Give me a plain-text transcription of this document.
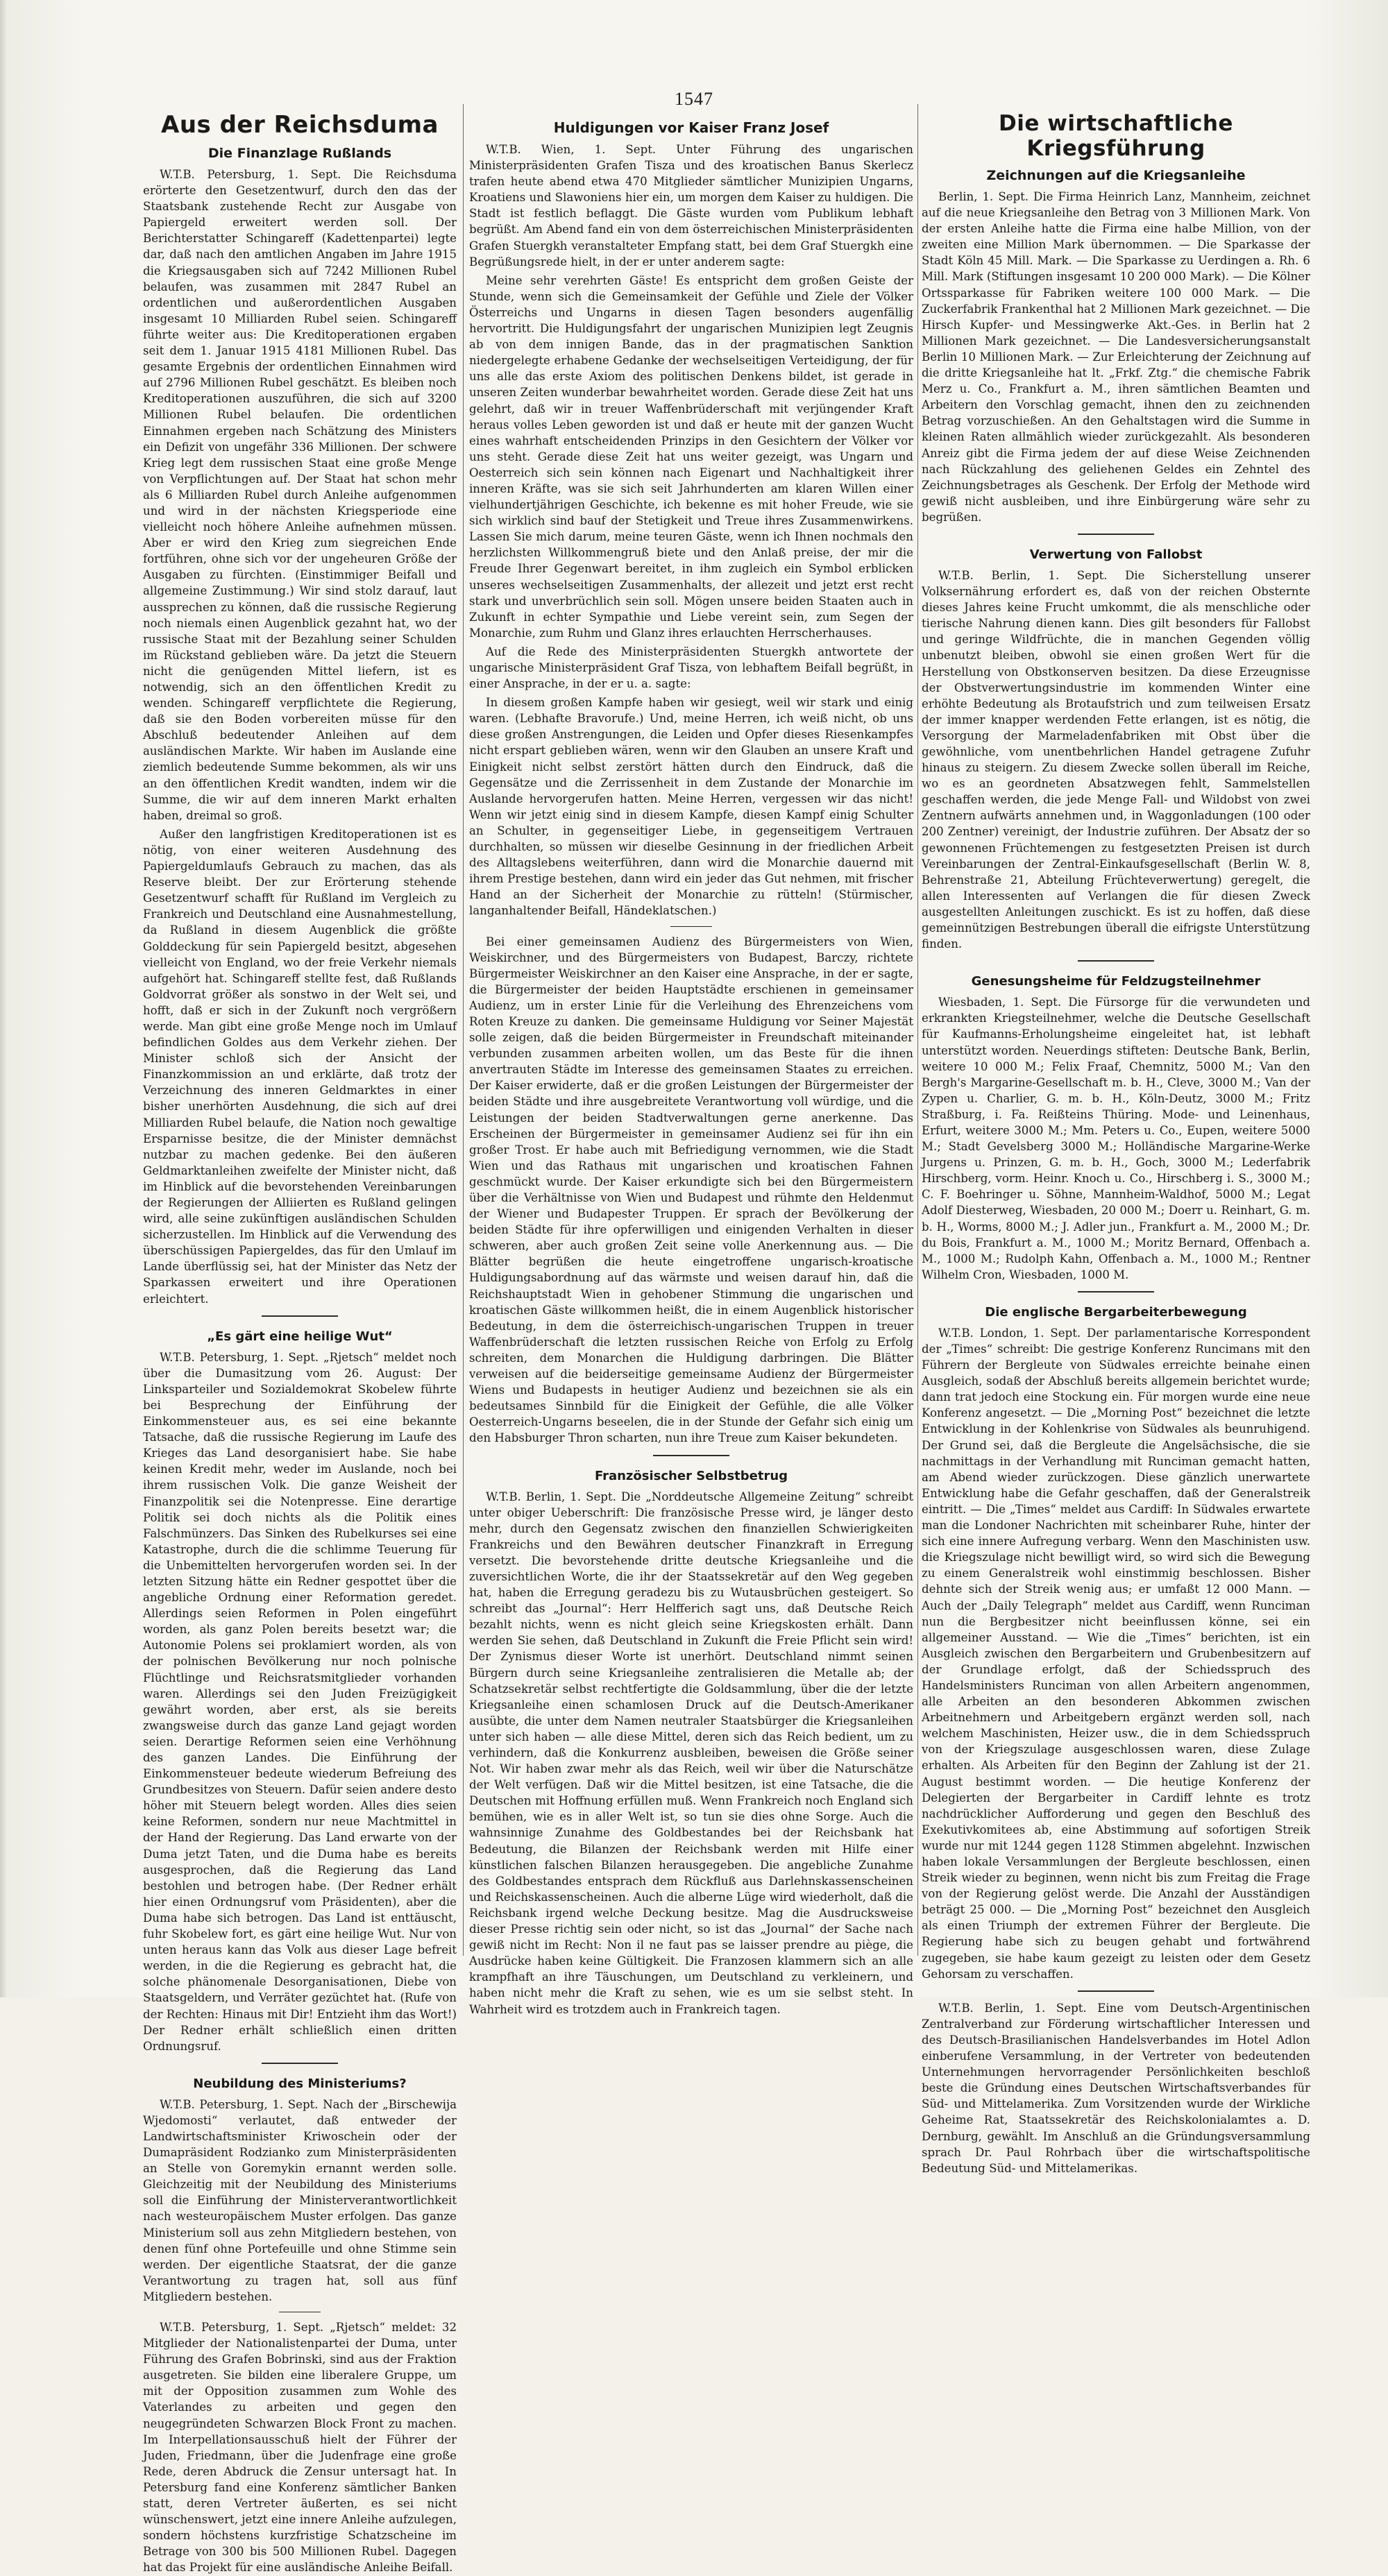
1547
Aus der Reichsduma
Die Finanzlage Rußlands

W.T.B. Petersburg, 1. Sept. Die Reichsduma erörterte den Gesetzentwurf, durch den das der Staatsbank zustehende Recht zur Ausgabe von Papiergeld erweitert werden soll. Der Berichterstatter Schingareff (Kadettenpartei) legte dar, daß nach den amtlichen Angaben im Jahre 1915 die Kriegsausgaben sich auf 7242 Millionen Rubel belaufen, was zusammen mit 2847 Rubel an ordentlichen und außerordentlichen Ausgaben insgesamt 10 Milliarden Rubel seien. Schingareff führte weiter aus: Die Kreditoperationen ergaben seit dem 1. Januar 1915 4181 Millionen Rubel. Das gesamte Ergebnis der ordentlichen Einnahmen wird auf 2796 Millionen Rubel geschätzt. Es bleiben noch Kreditoperationen auszuführen, die sich auf 3200 Millionen Rubel belaufen. Die ordentlichen Einnahmen ergeben nach Schätzung des Ministers ein Defizit von ungefähr 336 Millionen. Der schwere Krieg legt dem russischen Staat eine große Menge von Verpflichtungen auf. Der Staat hat schon mehr als 6 Milliarden Rubel durch Anleihe aufgenommen und wird in der nächsten Kriegsperiode eine vielleicht noch höhere Anleihe aufnehmen müssen. Aber er wird den Krieg zum siegreichen Ende fortführen, ohne sich vor der ungeheuren Größe der Ausgaben zu fürchten. (Einstimmiger Beifall und allgemeine Zustimmung.) Wir sind stolz darauf, laut aussprechen zu können, daß die russische Regierung noch niemals einen Augenblick gezahnt hat, wo der russische Staat mit der Bezahlung seiner Schulden im Rückstand geblieben wäre. Da jetzt die Steuern nicht die genügenden Mittel liefern, ist es notwendig, sich an den öffentlichen Kredit zu wenden. Schingareff verpflichtete die Regierung, daß sie den Boden vorbereiten müsse für den Abschluß bedeutender Anleihen auf dem ausländischen Markte. Wir haben im Auslande eine ziemlich bedeutende Summe bekommen, als wir uns an den öffentlichen Kredit wandten, indem wir die Summe, die wir auf dem inneren Markt erhalten haben, dreimal so groß.

Außer den langfristigen Kreditoperationen ist es nötig, von einer weiteren Ausdehnung des Papiergeldumlaufs Gebrauch zu machen, das als Reserve bleibt. Der zur Erörterung stehende Gesetzentwurf schafft für Rußland im Vergleich zu Frankreich und Deutschland eine Ausnahmestellung, da Rußland in diesem Augenblick die größte Golddeckung für sein Papiergeld besitzt, abgesehen vielleicht von England, wo der freie Verkehr niemals aufgehört hat. Schingareff stellte fest, daß Rußlands Goldvorrat größer als sonstwo in der Welt sei, und hofft, daß er sich in der Zukunft noch vergrößern werde. Man gibt eine große Menge noch im Umlauf befindlichen Goldes aus dem Verkehr ziehen. Der Minister schloß sich der Ansicht der Finanzkommission an und erklärte, daß trotz der Verzeichnung des inneren Geldmarktes in einer bisher unerhörten Ausdehnung, die sich auf drei Milliarden Rubel belaufe, die Nation noch gewaltige Ersparnisse besitze, die der Minister demnächst nutzbar zu machen gedenke. Bei den äußeren Geldmarktanleihen zweifelte der Minister nicht, daß im Hinblick auf die bevorstehenden Vereinbarungen der Regierungen der Alliierten es Rußland gelingen wird, alle seine zukünftigen ausländischen Schulden sicherzustellen. Im Hinblick auf die Verwendung des überschüssigen Papiergeldes, das für den Umlauf im Lande überflüssig sei, hat der Minister das Netz der Sparkassen erweitert und ihre Operationen erleichtert.

„Es gärt eine heilige Wut“

W.T.B. Petersburg, 1. Sept. „Rjetsch“ meldet noch über die Dumasitzung vom 26. August: Der Linksparteiler und Sozialdemokrat Skobelew führte bei Besprechung der Einführung der Einkommensteuer aus, es sei eine bekannte Tatsache, daß die russische Regierung im Laufe des Krieges das Land desorganisiert habe. Sie habe keinen Kredit mehr, weder im Auslande, noch bei ihrem russischen Volk. Die ganze Weisheit der Finanzpolitik sei die Notenpresse. Eine derartige Politik sei doch nichts als die Politik eines Falschmünzers. Das Sinken des Rubelkurses sei eine Katastrophe, durch die die schlimme Teuerung für die Unbemittelten hervorgerufen worden sei. In der letzten Sitzung hätte ein Redner gespottet über die angebliche Ordnung einer Reformation geredet. Allerdings seien Reformen in Polen eingeführt worden, als ganz Polen bereits besetzt war; die Autonomie Polens sei proklamiert worden, als von der polnischen Bevölkerung nur noch polnische Flüchtlinge und Reichsratsmitglieder vorhanden waren. Allerdings sei den Juden Freizügigkeit gewährt worden, aber erst, als sie bereits zwangsweise durch das ganze Land gejagt worden seien. Derartige Reformen seien eine Verhöhnung des ganzen Landes. Die Einführung der Einkommensteuer bedeute wiederum Befreiung des Grundbesitzes von Steuern. Dafür seien andere desto höher mit Steuern belegt worden. Alles dies seien keine Reformen, sondern nur neue Machtmittel in der Hand der Regierung. Das Land erwarte von der Duma jetzt Taten, und die Duma habe es bereits ausgesprochen, daß die Regierung das Land bestohlen und betrogen habe. (Der Redner erhält hier einen Ordnungsruf vom Präsidenten), aber die Duma habe sich betrogen. Das Land ist enttäuscht, fuhr Skobelew fort, es gärt eine heilige Wut. Nur von unten heraus kann das Volk aus dieser Lage befreit werden, in die die Regierung es gebracht hat, die solche phänomenale Desorganisationen, Diebe von Staatsgeldern, und Verräter gezüchtet hat. (Rufe von der Rechten: Hinaus mit Dir! Entzieht ihm das Wort!) Der Redner erhält schließlich einen dritten Ordnungsruf.

Neubildung des Ministeriums?

W.T.B. Petersburg, 1. Sept. Nach der „Birschewija Wjedomosti“ verlautet, daß entweder der Landwirtschaftsminister Kriwoschein oder der Dumapräsident Rodzianko zum Ministerpräsidenten an Stelle von Goremykin ernannt werden solle. Gleichzeitig mit der Neubildung des Ministeriums soll die Einführung der Ministerverantwortlichkeit nach westeuropäischem Muster erfolgen. Das ganze Ministerium soll aus zehn Mitgliedern bestehen, von denen fünf ohne Portefeuille und ohne Stimme sein werden. Der eigentliche Staatsrat, der die ganze Verantwortung zu tragen hat, soll aus fünf Mitgliedern bestehen.

W.T.B. Petersburg, 1. Sept. „Rjetsch“ meldet: 32 Mitglieder der Nationalistenpartei der Duma, unter Führung des Grafen Bobrinski, sind aus der Fraktion ausgetreten. Sie bilden eine liberalere Gruppe, um mit der Opposition zusammen zum Wohle des Vaterlandes zu arbeiten und gegen den neugegründeten Schwarzen Block Front zu machen. Im Interpellationsausschuß hielt der Führer der Juden, Friedmann, über die Judenfrage eine große Rede, deren Abdruck die Zensur untersagt hat. In Petersburg fand eine Konferenz sämtlicher Banken statt, deren Vertreter äußerten, es sei nicht wünschenswert, jetzt eine innere Anleihe aufzulegen, sondern höchstens kurzfristige Schatzscheine im Betrage von 300 bis 500 Millionen Rubel. Dagegen hat das Projekt für eine ausländische Anleihe Beifall.

Huldigungen vor Kaiser Franz Josef

W.T.B. Wien, 1. Sept. Unter Führung des ungarischen Ministerpräsidenten Grafen Tisza und des kroatischen Banus Skerlecz trafen heute abend etwa 470 Mitglieder sämtlicher Munizipien Ungarns, Kroatiens und Slawoniens hier ein, um morgen dem Kaiser zu huldigen. Die Stadt ist festlich beflaggt. Die Gäste wurden vom Publikum lebhaft begrüßt. Am Abend fand ein von dem österreichischen Ministerpräsidenten Grafen Stuergkh veranstalteter Empfang statt, bei dem Graf Stuergkh eine Begrüßungsrede hielt, in der er unter anderem sagte:

Meine sehr verehrten Gäste! Es entspricht dem großen Geiste der Stunde, wenn sich die Gemeinsamkeit der Gefühle und Ziele der Völker Österreichs und Ungarns in diesen Tagen besonders augenfällig hervortritt. Die Huldigungsfahrt der ungarischen Munizipien legt Zeugnis ab von dem innigen Bande, das in der pragmatischen Sanktion niedergelegte erhabene Gedanke der wechselseitigen Verteidigung, der für uns alle das erste Axiom des politischen Denkens bildet, ist gerade in unseren Zeiten wunderbar bewahrheitet worden. Gerade diese Zeit hat uns gelehrt, daß wir in treuer Waffenbrüderschaft mit verjüngender Kraft heraus volles Leben geworden ist und daß er heute mit der ganzen Wucht eines wahrhaft entscheidenden Prinzips in den Gesichtern der Völker vor uns steht. Gerade diese Zeit hat uns weiter gezeigt, was Ungarn und Oesterreich sich sein können nach Eigenart und Nachhaltigkeit ihrer inneren Kräfte, was sie sich seit Jahrhunderten am klaren Willen einer vielhundertjährigen Geschichte, ich bekenne es mit hoher Freude, wie sie sich wirklich sind bauf der Stetigkeit und Treue ihres Zusammenwirkens. Lassen Sie mich darum, meine teuren Gäste, wenn ich Ihnen nochmals den herzlichsten Willkommengruß biete und den Anlaß preise, der mir die Freude Ihrer Gegenwart bereitet, in ihm zugleich ein Symbol erblicken unseres wechselseitigen Zusammenhalts, der allezeit und jetzt erst recht stark und unverbrüchlich sein soll. Mögen unsere beiden Staaten auch in Zukunft in echter Sympathie und Liebe vereint sein, zum Segen der Monarchie, zum Ruhm und Glanz ihres erlauchten Herrscherhauses.

Auf die Rede des Ministerpräsidenten Stuergkh antwortete der ungarische Ministerpräsident Graf Tisza, von lebhaftem Beifall begrüßt, in einer Ansprache, in der er u. a. sagte:

In diesem großen Kampfe haben wir gesiegt, weil wir stark und einig waren. (Lebhafte Bravorufe.) Und, meine Herren, ich weiß nicht, ob uns diese großen Anstrengungen, die Leiden und Opfer dieses Riesenkampfes nicht erspart geblieben wären, wenn wir den Glauben an unsere Kraft und Einigkeit nicht selbst zerstört hätten durch den Eindruck, daß die Gegensätze und die Zerrissenheit in dem Zustande der Monarchie im Auslande hervorgerufen hatten. Meine Herren, vergessen wir das nicht! Wenn wir jetzt einig sind in diesem Kampfe, diesen Kampf einig Schulter an Schulter, in gegenseitiger Liebe, in gegenseitigem Vertrauen durchhalten, so müssen wir dieselbe Gesinnung in der friedlichen Arbeit des Alltagslebens weiterführen, dann wird die Monarchie dauernd mit ihrem Prestige bestehen, dann wird ein jeder das Gut nehmen, mit frischer Hand an der Sicherheit der Monarchie zu rütteln! (Stürmischer, langanhaltender Beifall, Händeklatschen.)

Bei einer gemeinsamen Audienz des Bürgermeisters von Wien, Weiskirchner, und des Bürgermeisters von Budapest, Barczy, richtete Bürgermeister Weiskirchner an den Kaiser eine Ansprache, in der er sagte, die Bürgermeister der beiden Hauptstädte erschienen in gemeinsamer Audienz, um in erster Linie für die Verleihung des Ehrenzeichens vom Roten Kreuze zu danken. Die gemeinsame Huldigung vor Seiner Majestät solle zeigen, daß die beiden Bürgermeister in Freundschaft miteinander verbunden zusammen arbeiten wollen, um das Beste für die ihnen anvertrauten Städte im Interesse des gemeinsamen Staates zu erreichen. Der Kaiser erwiderte, daß er die großen Leistungen der Bürgermeister der beiden Städte und ihre ausgebreitete Verantwortung voll würdige, und die Leistungen der beiden Stadtverwaltungen gerne anerkenne. Das Erscheinen der Bürgermeister in gemeinsamer Audienz sei für ihn ein großer Trost. Er habe auch mit Befriedigung vernommen, wie die Stadt Wien und das Rathaus mit ungarischen und kroatischen Fahnen geschmückt wurde. Der Kaiser erkundigte sich bei den Bürgermeistern über die Verhältnisse von Wien und Budapest und rühmte den Heldenmut der Wiener und Budapester Truppen. Er sprach der Bevölkerung der beiden Städte für ihre opferwilligen und einigenden Verhalten in dieser schweren, aber auch großen Zeit seine volle Anerkennung aus. — Die Blätter begrüßen die heute eingetroffene ungarisch-kroatische Huldigungsabordnung auf das wärmste und weisen darauf hin, daß die Reichshauptstadt Wien in gehobener Stimmung die ungarischen und kroatischen Gäste willkommen heißt, die in einem Augenblick historischer Bedeutung, in dem die österreichisch-ungarischen Truppen in treuer Waffenbrüderschaft die letzten russischen Reiche von Erfolg zu Erfolg schreiten, dem Monarchen die Huldigung darbringen. Die Blätter verweisen auf die beiderseitige gemeinsame Audienz der Bürgermeister Wiens und Budapests in heutiger Audienz und bezeichnen sie als ein bedeutsames Sinnbild für die Einigkeit der Gefühle, die alle Völker Oesterreich-Ungarns beseelen, die in der Stunde der Gefahr sich einig um den Habsburger Thron scharten, nun ihre Treue zum Kaiser bekundeten.

Französischer Selbstbetrug

W.T.B. Berlin, 1. Sept. Die „Norddeutsche Allgemeine Zeitung“ schreibt unter obiger Ueberschrift: Die französische Presse wird, je länger desto mehr, durch den Gegensatz zwischen den finanziellen Schwierigkeiten Frankreichs und den Bewähren deutscher Finanzkraft in Erregung versetzt. Die bevorstehende dritte deutsche Kriegsanleihe und die zuversichtlichen Worte, die ihr der Staatssekretär auf den Weg gegeben hat, haben die Erregung geradezu bis zu Wutausbrüchen gesteigert. So schreibt das „Journal“: Herr Helfferich sagt uns, daß Deutsche Reich bezahlt nichts, wenn es nicht gleich seine Kriegskosten erhält. Dann werden Sie sehen, daß Deutschland in Zukunft die Freie Pflicht sein wird! Der Zynismus dieser Worte ist unerhört. Deutschland nimmt seinen Bürgern durch seine Kriegsanleihe zentralisieren die Metalle ab; der Schatzsekretär selbst rechtfertigte die Goldsammlung, über die der letzte Kriegsanleihe einen schamlosen Druck auf die Deutsch-Amerikaner ausübte, die unter dem Namen neutraler Staatsbürger die Kriegsanleihen unter sich haben — alle diese Mittel, deren sich das Reich bedient, um zu verhindern, daß die Konkurrenz ausbleiben, beweisen die Größe seiner Not. Wir haben zwar mehr als das Reich, weil wir über die Naturschätze der Welt verfügen. Daß wir die Mittel besitzen, ist eine Tatsache, die die Deutschen mit Hoffnung erfüllen muß. Wenn Frankreich noch England sich bemühen, wie es in aller Welt ist, so tun sie dies ohne Sorge. Auch die wahnsinnige Zunahme des Goldbestandes bei der Reichsbank hat Bedeutung, die Bilanzen der Reichsbank werden mit Hilfe einer künstlichen falschen Bilanzen herausgegeben. Die angebliche Zunahme des Goldbestandes entsprach dem Rückfluß aus Darlehnskassenscheinen und Reichskassenscheinen. Auch die alberne Lüge wird wiederholt, daß die Reichsbank irgend welche Deckung besitze. Mag die Ausdrucksweise dieser Presse richtig sein oder nicht, so ist das „Journal“ der Sache nach gewiß nicht im Recht: Non il ne faut pas se laisser prendre au piège, die Ausdrücke haben keine Gültigkeit. Die Franzosen klammern sich an alle krampfhaft an ihre Täuschungen, um Deutschland zu verkleinern, und haben nicht mehr die Kraft zu sehen, wie es um sie selbst steht. In Wahrheit wird es trotzdem auch in Frankreich tagen.

Die wirtschaftliche Kriegsführung
Zeichnungen auf die Kriegsanleihe

Berlin, 1. Sept. Die Firma Heinrich Lanz, Mannheim, zeichnet auf die neue Kriegsanleihe den Betrag von 3 Millionen Mark. Von der ersten Anleihe hatte die Firma eine halbe Million, von der zweiten eine Million Mark übernommen. — Die Sparkasse der Stadt Köln 45 Mill. Mark. — Die Sparkasse zu Uerdingen a. Rh. 6 Mill. Mark (Stiftungen insgesamt 10 200 000 Mark). — Die Kölner Ortssparkasse für Fabriken weitere 100 000 Mark. — Die Zuckerfabrik Frankenthal hat 2 Millionen Mark gezeichnet. — Die Hirsch Kupfer- und Messingwerke Akt.-Ges. in Berlin hat 2 Millionen Mark gezeichnet. — Die Landesversicherungsanstalt Berlin 10 Millionen Mark. — Zur Erleichterung der Zeichnung auf die dritte Kriegsanleihe hat lt. „Frkf. Ztg.“ die chemische Fabrik Merz u. Co., Frankfurt a. M., ihren sämtlichen Beamten und Arbeitern den Vorschlag gemacht, ihnen den zu zeichnenden Betrag vorzuschießen. An den Gehaltstagen wird die Summe in kleinen Raten allmählich wieder zurückgezahlt. Als besonderen Anreiz gibt die Firma jedem der auf diese Weise Zeichnenden nach Rückzahlung des geliehenen Geldes ein Zehntel des Zeichnungsbetrages als Geschenk. Der Erfolg der Methode wird gewiß nicht ausbleiben, und ihre Einbürgerung wäre sehr zu begrüßen.

Verwertung von Fallobst

W.T.B. Berlin, 1. Sept. Die Sicherstellung unserer Volksernährung erfordert es, daß von der reichen Obsternte dieses Jahres keine Frucht umkommt, die als menschliche oder tierische Nahrung dienen kann. Dies gilt besonders für Fallobst und geringe Wildfrüchte, die in manchen Gegenden völlig unbenutzt bleiben, obwohl sie einen großen Wert für die Herstellung von Obstkonserven besitzen. Da diese Erzeugnisse der Obstverwertungsindustrie im kommenden Winter eine erhöhte Bedeutung als Brotaufstrich und zum teilweisen Ersatz der immer knapper werdenden Fette erlangen, ist es nötig, die Versorgung der Marmeladenfabriken mit Obst über die gewöhnliche, vom unentbehrlichen Handel getragene Zufuhr hinaus zu steigern. Zu diesem Zwecke sollen überall im Reiche, wo es an geordneten Absatzwegen fehlt, Sammelstellen geschaffen werden, die jede Menge Fall- und Wildobst von zwei Zentnern aufwärts annehmen und, in Waggonladungen (100 oder 200 Zentner) vereinigt, der Industrie zuführen. Der Absatz der so gewonnenen Früchtemengen zu festgesetzten Preisen ist durch Vereinbarungen der Zentral-Einkaufsgesellschaft (Berlin W. 8, Behrenstraße 21, Abteilung Früchteverwertung) geregelt, die allen Interessenten auf Verlangen die für diesen Zweck ausgestellten Anleitungen zuschickt. Es ist zu hoffen, daß diese gemeinnützigen Bestrebungen überall die eifrigste Unterstützung finden.

Genesungsheime für Feldzugsteilnehmer

Wiesbaden, 1. Sept. Die Fürsorge für die verwundeten und erkrankten Kriegsteilnehmer, welche die Deutsche Gesellschaft für Kaufmanns-Erholungsheime eingeleitet hat, ist lebhaft unterstützt worden. Neuerdings stifteten: Deutsche Bank, Berlin, weitere 10 000 M.; Felix Fraaf, Chemnitz, 5000 M.; Van den Bergh's Margarine-Gesellschaft m. b. H., Cleve, 3000 M.; Van der Zypen u. Charlier, G. m. b. H., Köln-Deutz, 3000 M.; Fritz Straßburg, i. Fa. Reißteins Thüring. Mode- und Leinenhaus, Erfurt, weitere 3000 M.; Mm. Peters u. Co., Eupen, weitere 5000 M.; Stadt Gevelsberg 3000 M.; Holländische Margarine-Werke Jurgens u. Prinzen, G. m. b. H., Goch, 3000 M.; Lederfabrik Hirschberg, vorm. Heinr. Knoch u. Co., Hirschberg i. S., 3000 M.; C. F. Boehringer u. Söhne, Mannheim-Waldhof, 5000 M.; Legat Adolf Diesterweg, Wiesbaden, 20 000 M.; Doerr u. Reinhart, G. m. b. H., Worms, 8000 M.; J. Adler jun., Frankfurt a. M., 2000 M.; Dr. du Bois, Frankfurt a. M., 1000 M.; Moritz Bernard, Offenbach a. M., 1000 M.; Rudolph Kahn, Offenbach a. M., 1000 M.; Rentner Wilhelm Cron, Wiesbaden, 1000 M.

Die englische Bergarbeiterbewegung

W.T.B. London, 1. Sept. Der parlamentarische Korrespondent der „Times“ schreibt: Die gestrige Konferenz Runcimans mit den Führern der Bergleute von Südwales erreichte beinahe einen Ausgleich, sodaß der Abschluß bereits allgemein berichtet wurde; dann trat jedoch eine Stockung ein. Für morgen wurde eine neue Konferenz angesetzt. — Die „Morning Post“ bezeichnet die letzte Entwicklung in der Kohlenkrise von Südwales als beunruhigend. Der Grund sei, daß die Bergleute die Angelsächsische, die sie nachmittags in der Verhandlung mit Runciman gemacht hatten, am Abend wieder zurückzogen. Diese gänzlich unerwartete Entwicklung habe die Gefahr geschaffen, daß der Generalstreik eintritt. — Die „Times“ meldet aus Cardiff: In Südwales erwartete man die Londoner Nachrichten mit scheinbarer Ruhe, hinter der sich eine innere Aufregung verbarg. Wenn den Maschinisten usw. die Kriegszulage nicht bewilligt wird, so wird sich die Bewegung zu einem Generalstreik wohl einstimmig beschlossen. Bisher dehnte sich der Streik wenig aus; er umfaßt 12 000 Mann. — Auch der „Daily Telegraph“ meldet aus Cardiff, wenn Runciman nun die Bergbesitzer nicht beeinflussen könne, sei ein allgemeiner Ausstand. — Wie die „Times“ berichten, ist ein Ausgleich zwischen den Bergarbeitern und Grubenbesitzern auf der Grundlage erfolgt, daß der Schiedsspruch des Handelsministers Runciman von allen Arbeitern angenommen, alle Arbeiten an den besonderen Abkommen zwischen Arbeitnehmern und Arbeitgebern ergänzt werden soll, nach welchem Maschinisten, Heizer usw., die in dem Schiedsspruch von der Kriegszulage ausgeschlossen waren, diese Zulage erhalten. Als Arbeiten für den Beginn der Zahlung ist der 21. August bestimmt worden. — Die heutige Konferenz der Delegierten der Bergarbeiter in Cardiff lehnte es trotz nachdrücklicher Aufforderung und gegen den Beschluß des Exekutivkomitees ab, eine Abstimmung auf sofortigen Streik wurde nur mit 1244 gegen 1128 Stimmen abgelehnt. Inzwischen haben lokale Versammlungen der Bergleute beschlossen, einen Streik wieder zu beginnen, wenn nicht bis zum Freitag die Frage von der Regierung gelöst werde. Die Anzahl der Ausständigen beträgt 25 000. — Die „Morning Post“ bezeichnet den Ausgleich als einen Triumph der extremen Führer der Bergleute. Die Regierung habe sich zu beugen gehabt und fortwährend zugegeben, sie habe kaum gezeigt zu leisten oder dem Gesetz Gehorsam zu verschaffen.

W.T.B. Berlin, 1. Sept. Eine vom Deutsch-Argentinischen Zentralverband zur Förderung wirtschaftlicher Interessen und des Deutsch-Brasilianischen Handelsverbandes im Hotel Adlon einberufene Versammlung, in der Vertreter von bedeutenden Unternehmungen hervorragender Persönlichkeiten beschloß beste die Gründung eines Deutschen Wirtschaftsverbandes für Süd- und Mittelamerika. Zum Vorsitzenden wurde der Wirkliche Geheime Rat, Staatssekretär des Reichskolonialamtes a. D. Dernburg, gewählt. Im Anschluß an die Gründungsversammlung sprach Dr. Paul Rohrbach über die wirtschaftspolitische Bedeutung Süd- und Mittelamerikas.
